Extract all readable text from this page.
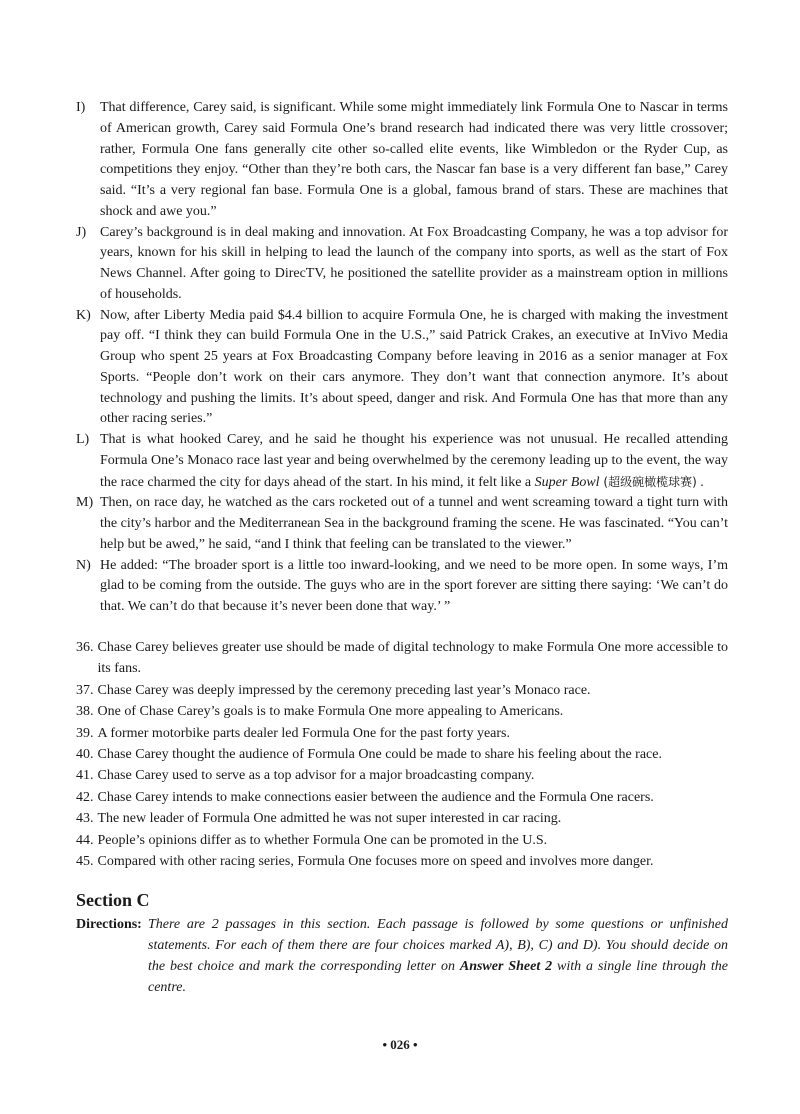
I)	That difference, Carey said, is significant. While some might immediately link Formula One to Nascar in terms of American growth, Carey said Formula One’s brand research had indicated there was very little crossover; rather, Formula One fans generally cite other so-called elite events, like Wimbledon or the Ryder Cup, as competitions they enjoy. “Other than they’re both cars, the Nascar fan base is a very different fan base,” Carey said. “It’s a very regional fan base. Formula One is a global, famous brand of stars. These are machines that shock and awe you.”
J) Carey’s background is in deal making and innovation. At Fox Broadcasting Company, he was a top advisor for years, known for his skill in helping to lead the launch of the company into sports, as well as the start of Fox News Channel. After going to DirecTV, he positioned the satellite provider as a mainstream option in millions of households.
K) Now, after Liberty Media paid $4.4 billion to acquire Formula One, he is charged with making the investment pay off. “I think they can build Formula One in the U.S.,” said Patrick Crakes, an executive at InVivo Media Group who spent 25 years at Fox Broadcasting Company before leaving in 2016 as a senior manager at Fox Sports. “People don’t work on their cars anymore. They don’t want that connection anymore. It’s about technology and pushing the limits. It’s about speed, danger and risk. And Formula One has that more than any other racing series.”
L) That is what hooked Carey, and he said he thought his experience was not unusual. He recalled attending Formula One’s Monaco race last year and being overwhelmed by the ceremony leading up to the event, the way the race charmed the city for days ahead of the start. In his mind, it felt like a Super Bowl (超级碗橄榄球赛) .
M) Then, on race day, he watched as the cars rocketed out of a tunnel and went screaming toward a tight turn with the city’s harbor and the Mediterranean Sea in the background framing the scene. He was fascinated. “You can’t help but be awed,” he said, “and I think that feeling can be translated to the viewer.”
N) He added: “The broader sport is a little too inward-looking, and we need to be more open. In some ways, I’m glad to be coming from the outside. The guys who are in the sport forever are sitting there saying: ‘We can’t do that. We can’t do that because it’s never been done that way.’ ”
36. Chase Carey believes greater use should be made of digital technology to make Formula One more accessible to its fans.
37. Chase Carey was deeply impressed by the ceremony preceding last year’s Monaco race.
38. One of Chase Carey’s goals is to make Formula One more appealing to Americans.
39. A former motorbike parts dealer led Formula One for the past forty years.
40. Chase Carey thought the audience of Formula One could be made to share his feeling about the race.
41. Chase Carey used to serve as a top advisor for a major broadcasting company.
42. Chase Carey intends to make connections easier between the audience and the Formula One racers.
43. The new leader of Formula One admitted he was not super interested in car racing.
44. People’s opinions differ as to whether Formula One can be promoted in the U.S.
45. Compared with other racing series, Formula One focuses more on speed and involves more danger.
Section C
Directions: There are 2 passages in this section. Each passage is followed by some questions or unfinished statements. For each of them there are four choices marked A), B), C) and D). You should decide on the best choice and mark the corresponding letter on Answer Sheet 2 with a single line through the centre.
• 026 •
